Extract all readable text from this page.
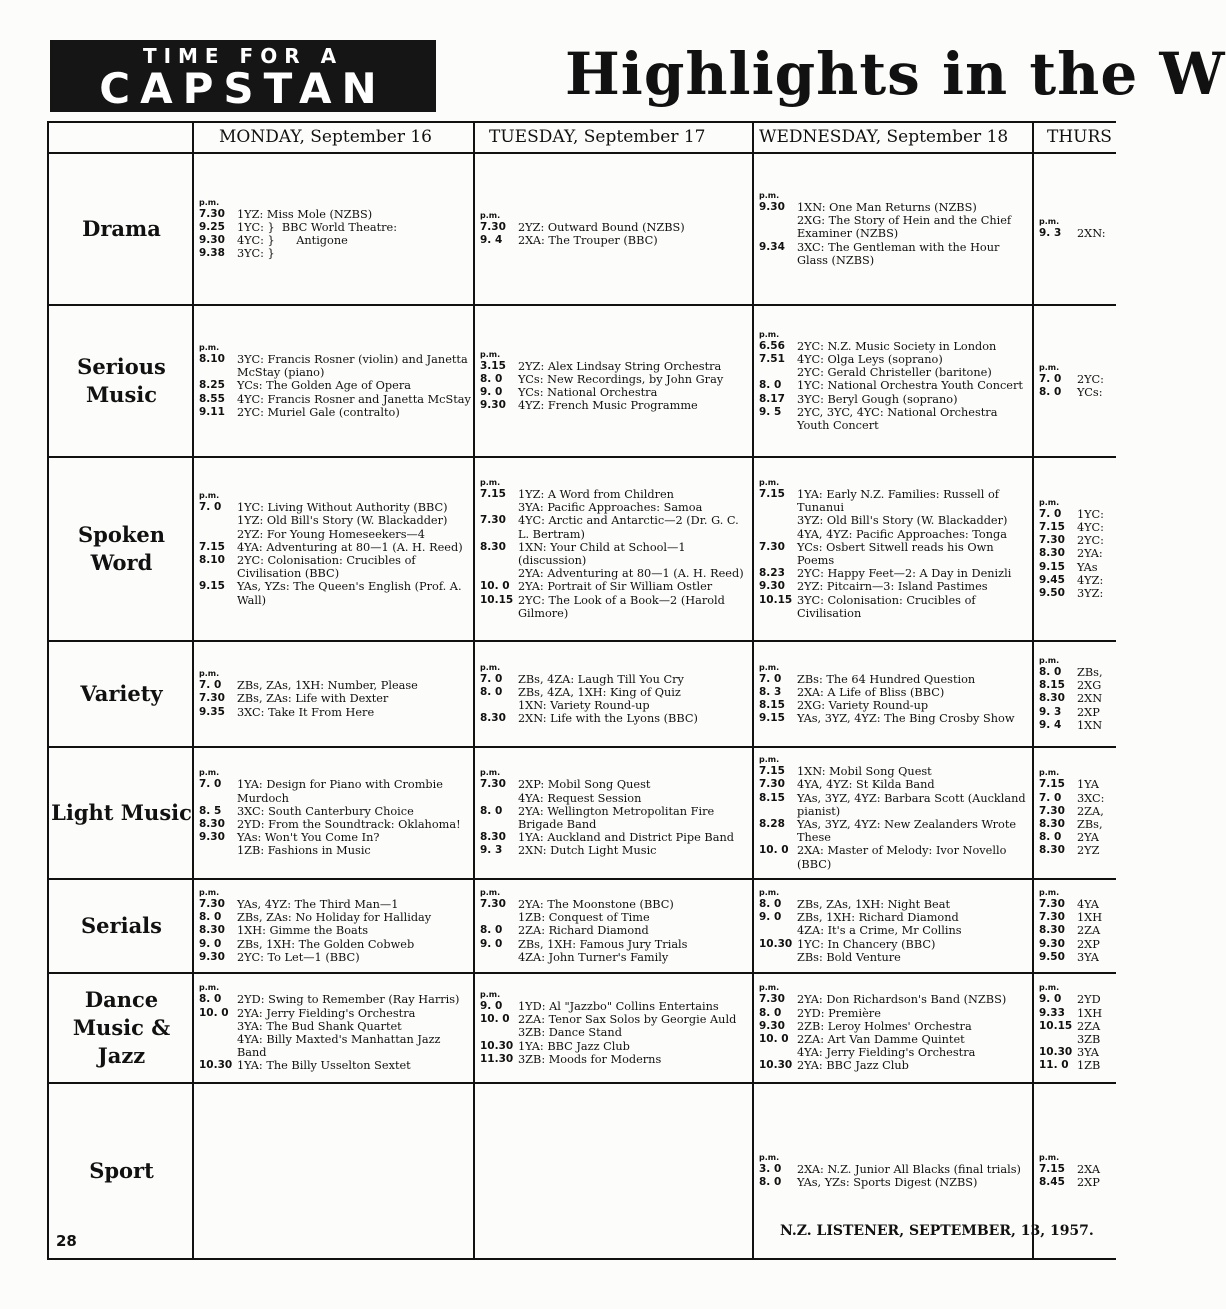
TIME FOR A
CAPSTAN	Highlights in the W
MONDAY, September 16	TUESDAY, September 17	WEDNESDAY, September 18 THURS
Drama
p.m.
7.30	1YZ: Miss Mole (NZBS)
9.25	1YC: }  BBC World Theatre:
9.30	4YC: }      Antigone
9.38	3YC: }
p.m.
7.30	2YZ: Outward Bound (NZBS)
9. 4	2XA: The Trouper (BBC)
p.m.
9.30	1XN: One Man Returns (NZBS)
2XG: The Story of Hein and the Chief Examiner (NZBS)
9.34	3XC: The Gentleman with the Hour Glass (NZBS)
p.m.
9. 3	2XN:
Serious Music
p.m.
8.10	3YC: Francis Rosner (violin) and Janetta McStay (piano)
8.25	YCs: The Golden Age of Opera
8.55	4YC: Francis Rosner and Janetta McStay
9.11	2YC: Muriel Gale (contralto)
p.m.
3.15	2YZ: Alex Lindsay String Orchestra
8. 0	YCs: New Recordings, by John Gray
9. 0	YCs: National Orchestra
9.30	4YZ: French Music Programme
p.m.
6.56	2YC: N.Z. Music Society in London
7.51	4YC: Olga Leys (soprano)
2YC: Gerald Christeller (baritone)
8. 0	1YC: National Orchestra Youth Concert
8.17	3YC: Beryl Gough (soprano)
9. 5	2YC, 3YC, 4YC: National Orchestra Youth Concert
p.m.
7. 0	2YC:
8. 0	YCs:
Spoken Word
p.m.
7. 0	1YC: Living Without Authority (BBC)
1YZ: Old Bill's Story (W. Blackadder)
2YZ: For Young Homeseekers—4
7.15	4YA: Adventuring at 80—1 (A. H. Reed)
8.10	2YC: Colonisation: Crucibles of Civilisation (BBC)
9.15	YAs, YZs: The Queen's English (Prof. A. Wall)
p.m.
7.15	1YZ: A Word from Children
3YA: Pacific Approaches: Samoa
7.30	4YC: Arctic and Antarctic—2 (Dr. G. C. L. Bertram)
8.30	1XN: Your Child at School—1 (discussion)
2YA: Adventuring at 80—1 (A. H. Reed)
10. 0 2YA: Portrait of Sir William Ostler
10.15 2YC: The Look of a Book—2 (Harold Gilmore)
p.m.
7.15	1YA: Early N.Z. Families: Russell of Tunanui
3YZ: Old Bill's Story (W. Blackadder)
4YA, 4YZ: Pacific Approaches: Tonga
7.30	YCs: Osbert Sitwell reads his Own Poems
8.23	2YC: Happy Feet—2: A Day in Denizli
9.30	2YZ: Pitcairn—3: Island Pastimes
10.15 3YC: Colonisation: Crucibles of Civilisation
p.m.
7. 0	1YC:
7.15	4YC:
7.30	2YC:
8.30	2YA:
9.15	YAs
9.45	4YZ:
9.50	3YZ:
Variety
p.m.
7. 0	ZBs, ZAs, 1XH: Number, Please
7.30	ZBs, ZAs: Life with Dexter
9.35	3XC: Take It From Here
p.m.
7. 0	ZBs, 4ZA: Laugh Till You Cry
8. 0	ZBs, 4ZA, 1XH: King of Quiz
1XN: Variety Round-up
8.30	2XN: Life with the Lyons (BBC)
p.m.
7. 0	ZBs: The 64 Hundred Question
8. 3	2XA: A Life of Bliss (BBC)
8.15	2XG: Variety Round-up
9.15	YAs, 3YZ, 4YZ: The Bing Crosby Show
p.m.
8. 0	ZBs,
8.15	2XG
8.30	2XN
9. 3	2XP
9. 4	1XN
Light Music
p.m.
7. 0	1YA: Design for Piano with Crombie Murdoch
8. 5	3XC: South Canterbury Choice
8.30	2YD: From the Soundtrack: Oklahoma!
9.30	YAs: Won't You Come In?
1ZB: Fashions in Music
p.m.
7.30	2XP: Mobil Song Quest
4YA: Request Session
8. 0	2YA: Wellington Metropolitan Fire Brigade Band
8.30	1YA: Auckland and District Pipe Band
9. 3	2XN: Dutch Light Music
p.m.
7.15	1XN: Mobil Song Quest
7.30	4YA, 4YZ: St Kilda Band
8.15	YAs, 3YZ, 4YZ: Barbara Scott (Auckland pianist)
8.28	YAs, 3YZ, 4YZ: New Zealanders Wrote These
10. 0 2XA: Master of Melody: Ivor Novello (BBC)
p.m.
7.15	1YA
7. 0	3XC:
7.30	2ZA,
8.30	ZBs,
8. 0	2YA
8.30	2YZ
Serials
p.m.
7.30	YAs, 4YZ: The Third Man—1
8. 0	ZBs, ZAs: No Holiday for Halliday
8.30	1XH: Gimme the Boats
9. 0	ZBs, 1XH: The Golden Cobweb
9.30	2YC: To Let—1 (BBC)
p.m.
7.30	2YA: The Moonstone (BBC)
1ZB: Conquest of Time
8. 0	2ZA: Richard Diamond
9. 0	ZBs, 1XH: Famous Jury Trials
4ZA: John Turner's Family
p.m.
8. 0	ZBs, ZAs, 1XH: Night Beat
9. 0	ZBs, 1XH: Richard Diamond
4ZA: It's a Crime, Mr Collins
10.30 1YC: In Chancery (BBC)
ZBs: Bold Venture
p.m.
7.30	4YA
7.30	1XH
8.30	2ZA
9.30	2XP
9.50	3YA
Dance Music & Jazz
p.m.
8. 0	2YD: Swing to Remember (Ray Harris)
10. 0 2YA: Jerry Fielding's Orchestra
3YA: The Bud Shank Quartet
4YA: Billy Maxted's Manhattan Jazz Band
10.30 1YA: The Billy Usselton Sextet
p.m.
9. 0	1YD: Al "Jazzbo" Collins Entertains
10. 0 2ZA: Tenor Sax Solos by Georgie Auld
3ZB: Dance Stand
10.30 1YA: BBC Jazz Club
11.30 3ZB: Moods for Moderns
p.m.
7.30	2YA: Don Richardson's Band (NZBS)
8. 0	2YD: Première
9.30	2ZB: Leroy Holmes' Orchestra
10. 0 2ZA: Art Van Damme Quintet
4YA: Jerry Fielding's Orchestra
10.30 2YA: BBC Jazz Club
p.m.
9. 0	2YD
9.33	1XH
10.15 2ZA
3ZB
10.30 3YA
11. 0 1ZB
Sport
p.m.
3. 0	2XA: N.Z. Junior All Blacks (final trials)
8. 0	YAs, YZs: Sports Digest (NZBS)
p.m.
7.15	2XA
8.45	2XP
28
N.Z. LISTENER, SEPTEMBER, 13, 1957.
